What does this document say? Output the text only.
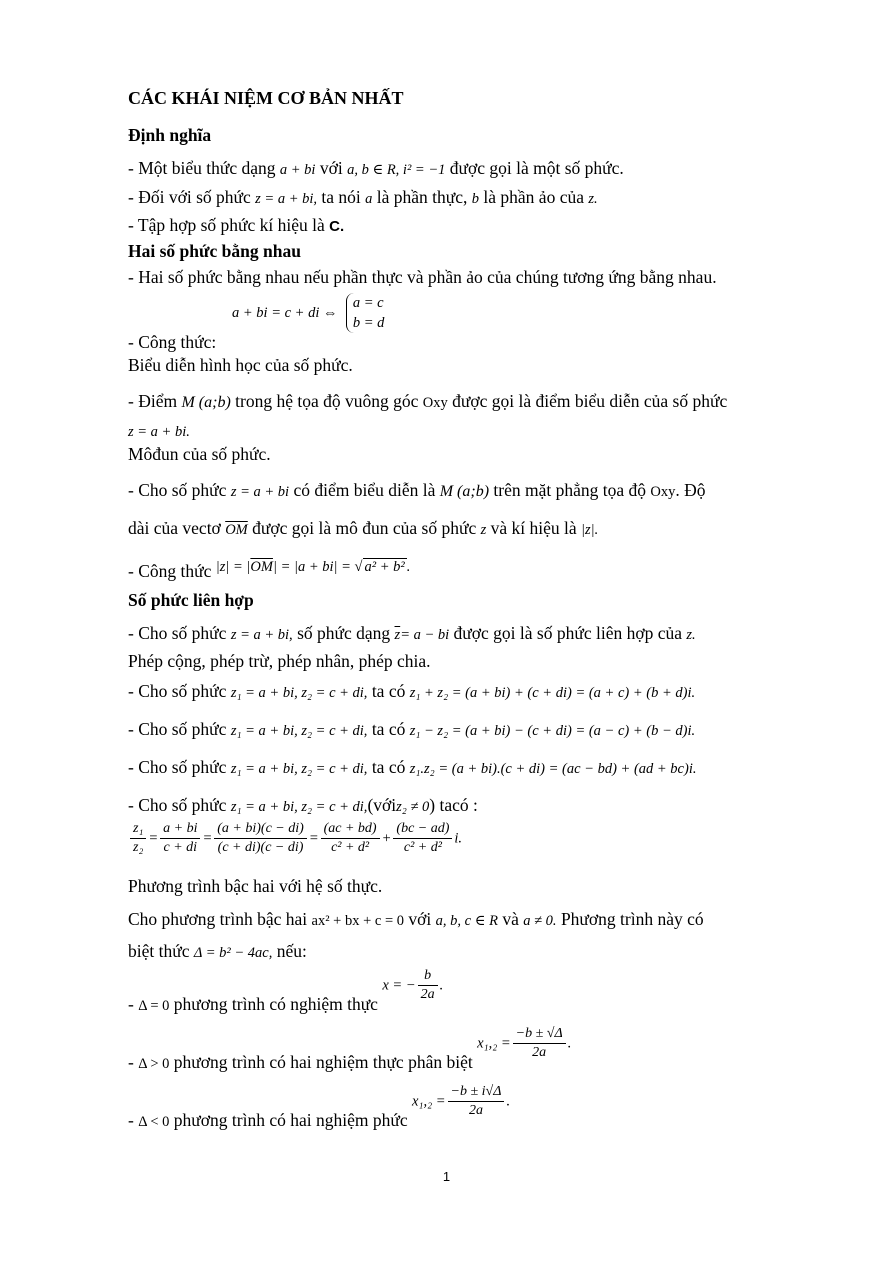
CÁC KHÁI NIỆM CƠ BẢN NHẤT
Định nghĩa
- Một biểu thức dạng a + bi với a, b ∈ R, i² = −1 được gọi là một số phức.
- Đối với số phức z = a + bi, ta nói a là phần thực, b là phần ảo của z.
- Tập hợp số phức kí hiệu là C.
Hai số phức bằng nhau
- Hai số phức bằng nhau nếu phần thực và phần ảo của chúng tương ứng bằng nhau.
a + bi = c + di ⇔
a = c
b = d
- Công thức:
Biểu diễn hình học của số phức.
- Điểm M (a;b) trong hệ tọa độ vuông góc Oxy được gọi là điểm biểu diễn của số phức
z = a + bi.
Môđun của số phức.
- Cho số phức z = a + bi có điểm biểu diễn là M (a;b) trên mặt phẳng tọa độ Oxy. Độ
dài của vectơ $\overline{OM}$ được gọi là mô đun của số phức z và kí hiệu là |z|.
- Công thức $^{|z| = |\overline{OM}| = |a + bi| = √ a^2 + b^2 .}$
Số phức liên hợp
- Cho số phức z = a + bi, số phức dạng $\overline{z}= a$ − bi được gọi là số phức liên hợp của z.
Phép cộng, phép trừ, phép nhân, phép chia.
- Cho số phức z₁ = a + bi, z₂ = c + di, ta có z₁ + z₂ = (a + bi) + (c + di) = (a + c) + (b + d)i.
- Cho số phức z₁ = a + bi, z₂ = c + di, ta có z₁ − z₂ = (a + bi) − (c + di) = (a − c) + (b − d)i.
- Cho số phức z₁ = a + bi, z₂ = c + di, ta có z₁.z₂ = (a + bi).(c + di) = (ac − bd) + (ad + bc)i.
- Cho số phức z₁ = a + bi, z₂ = c + di,(vớiz₂ ≠ 0) tacó :
$\frac{\text{z₁}}{\text{z₂}} = \frac{a + bi}{c + di} = \frac{(a + bi)(c - di)}{(c + di)(c - di)} = \frac{(ac + bd)}{\text{c² + d²}} + \frac{(bc - ad)}{\text{c² + d²}} i$.
Phương trình bậc hai với hệ số thực.
Cho phương trình bậc hai ax² + bx + c = 0 với a, b, c ∈ R và a ≠ 0. Phương trình này có
biệt thức Δ = b² − 4ac, nếu:
- $_{\Delta = 0}$ phương trình có nghiệm thực x = − $\frac{b}{2a}$ .
- $_{\Delta > 0}$ phương trình có hai nghiệm thực phân biệt $x_1,_2 = \frac{-b \pm √\Delta}{2a}$ .
- $_{\Delta < 0}$ phương trình có hai nghiệm phức $x_1,_2 = \frac{-b \pm i√\Delta}{2a}$ .
1
